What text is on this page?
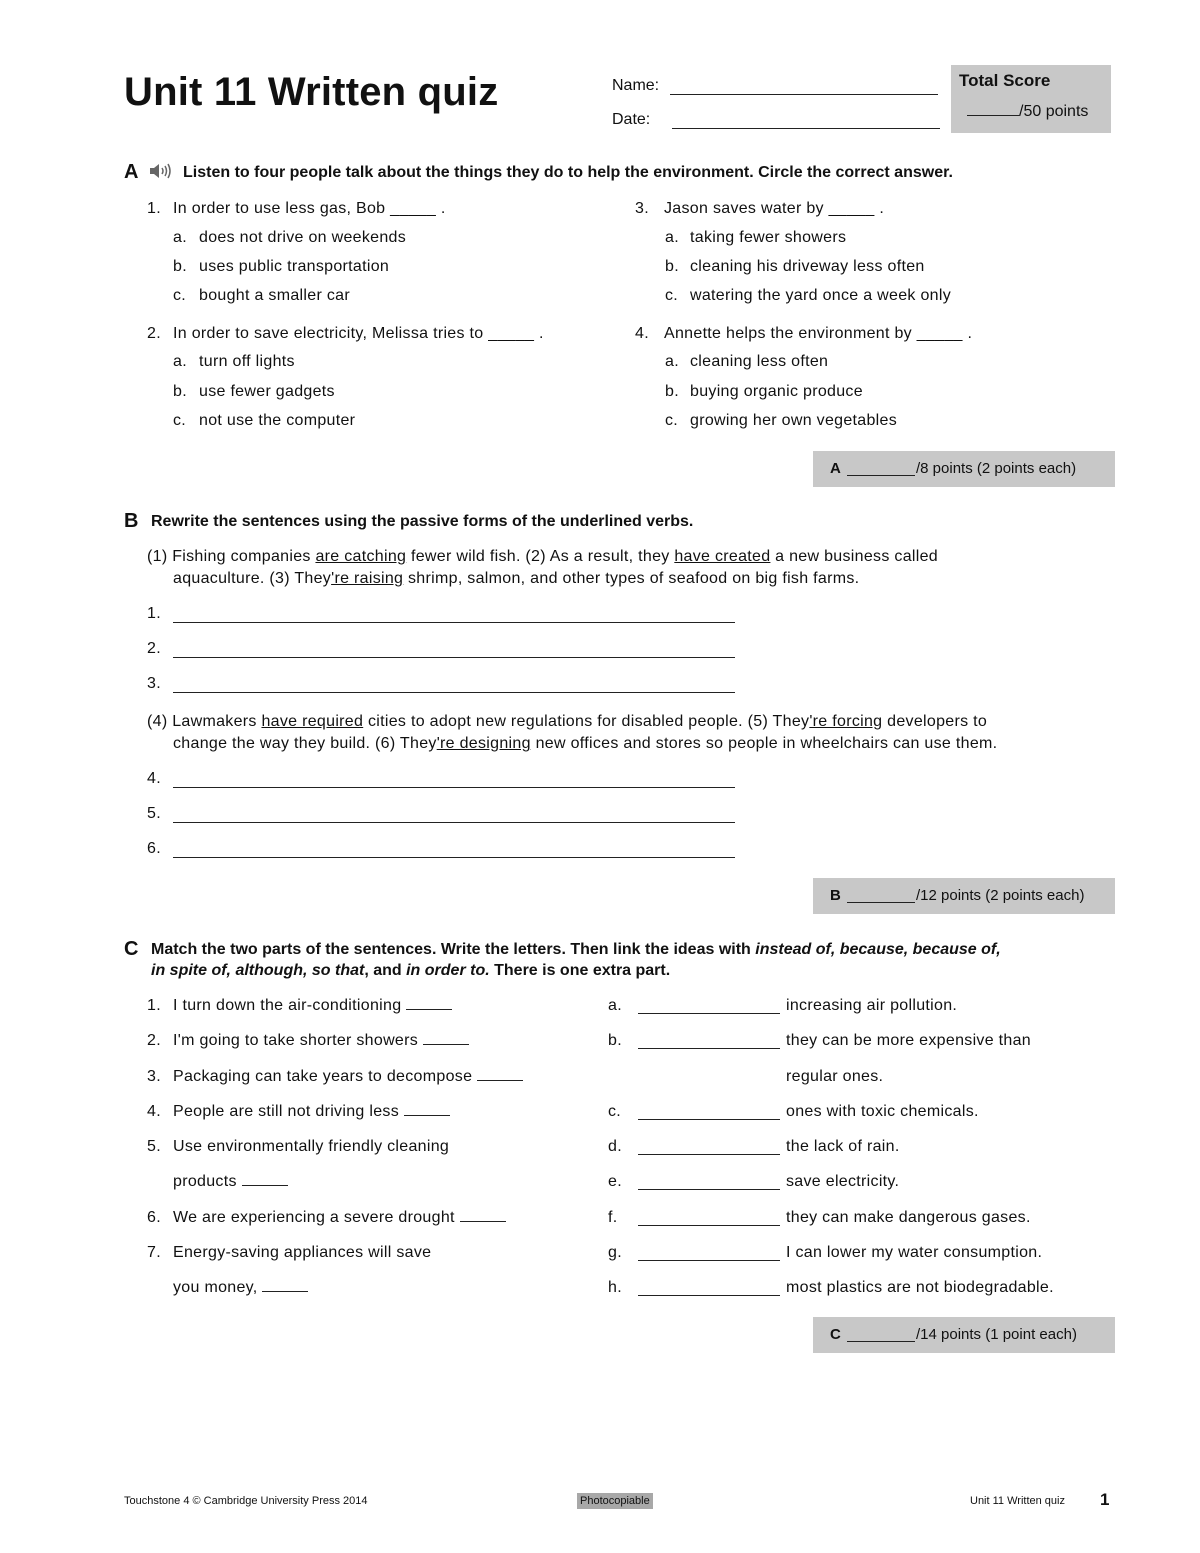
Unit 11 Written quiz	Name:
Date:
Total Score
/50 points
A	Listen to four people talk about the things they do to help the environment. Circle the correct answer.
1. In order to use less gas, Bob _____ .
a. does not drive on weekends
b. uses public transportation
c. bought a smaller car
2. In order to save electricity, Melissa tries to _____ .
a. turn off lights
b. use fewer gadgets
c. not use the computer
3. Jason saves water by _____ .
a. taking fewer showers
b. cleaning his driveway less often
c. watering the yard once a week only
4. Annette helps the environment by _____ .
a. cleaning less often
b. buying organic produce
c. growing her own vegetables
A	/8 points (2 points each)
B Rewrite the sentences using the passive forms of the underlined verbs.
(1) Fishing companies are catching fewer wild fish. (2) As a result, they have created a new business called
aquaculture. (3) They're raising shrimp, salmon, and other types of seafood on big fish farms.
1.
2.
3.
(4) Lawmakers have required cities to adopt new regulations for disabled people. (5) They're forcing developers to
change the way they build. (6) They're designing new offices and stores so people in wheelchairs can use them.
4.
5.
6.
B	/12 points (2 points each)
C Match the two parts of the sentences. Write the letters. Then link the ideas with instead of, because, because of,
in spite of, although, so that, and in order to. There is one extra part.
1. I turn down the air-conditioning
2. I'm going to take shorter showers
3. Packaging can take years to decompose
4. People are still not driving less
5. Use environmentally friendly cleaning
products
6. We are experiencing a severe drought
7. Energy-saving appliances will save
you money,
a.	increasing air pollution.
b.	they can be more expensive than
regular ones.
c.	ones with toxic chemicals.
d.	the lack of rain.
e.	save electricity.
f.	they can make dangerous gases.
g.	I can lower my water consumption.
h.	most plastics are not biodegradable.
C	/14 points (1 point each)
Touchstone 4 © Cambridge University Press 2014	Photocopiable	Unit 11 Written quiz 1
